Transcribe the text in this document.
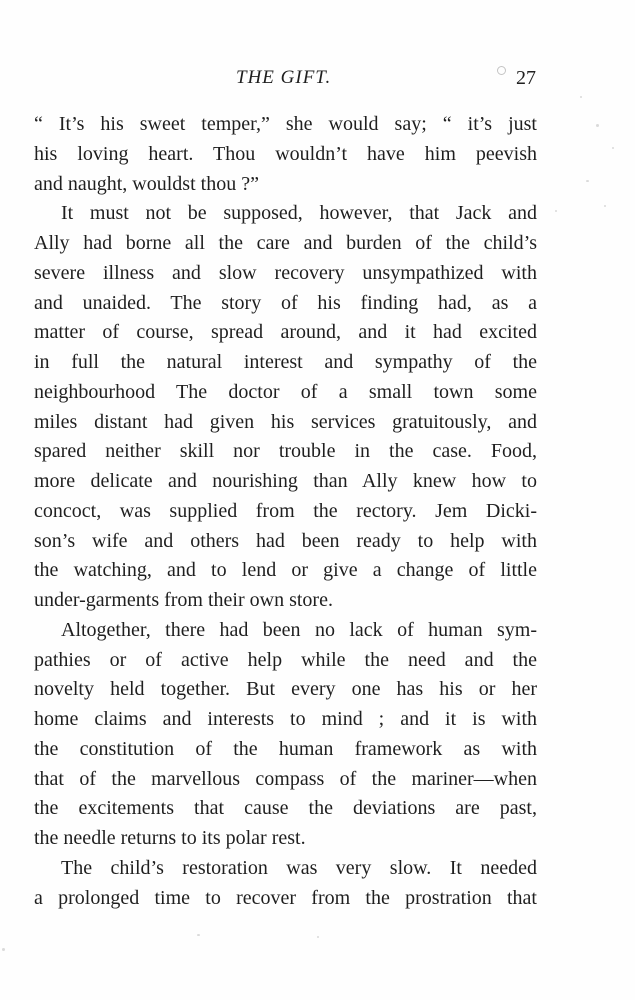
THE GIFT.	27
“ It’s his sweet temper,” she would say; “ it’s just
his loving heart. Thou wouldn’t have him peevish
and naught, wouldst thou ?”
It must not be supposed, however, that Jack and
Ally had borne all the care and burden of the child’s
severe illness and slow recovery unsympathized with
and unaided. The story of his finding had, as a
matter of course, spread around, and it had excited
in full the natural interest and sympathy of the
neighbourhood The doctor of a small town some
miles distant had given his services gratuitously, and
spared neither skill nor trouble in the case. Food,
more delicate and nourishing than Ally knew how to
concoct, was supplied from the rectory. Jem Dicki-
son’s wife and others had been ready to help with
the watching, and to lend or give a change of little
under-garments from their own store.
Altogether, there had been no lack of human sym-
pathies or of active help while the need and the
novelty held together. But every one has his or her
home claims and interests to mind ; and it is with
the constitution of the human framework as with
that of the marvellous compass of the mariner—when
the excitements that cause the deviations are past,
the needle returns to its polar rest.
The child’s restoration was very slow. It needed
a prolonged time to recover from the prostration that
